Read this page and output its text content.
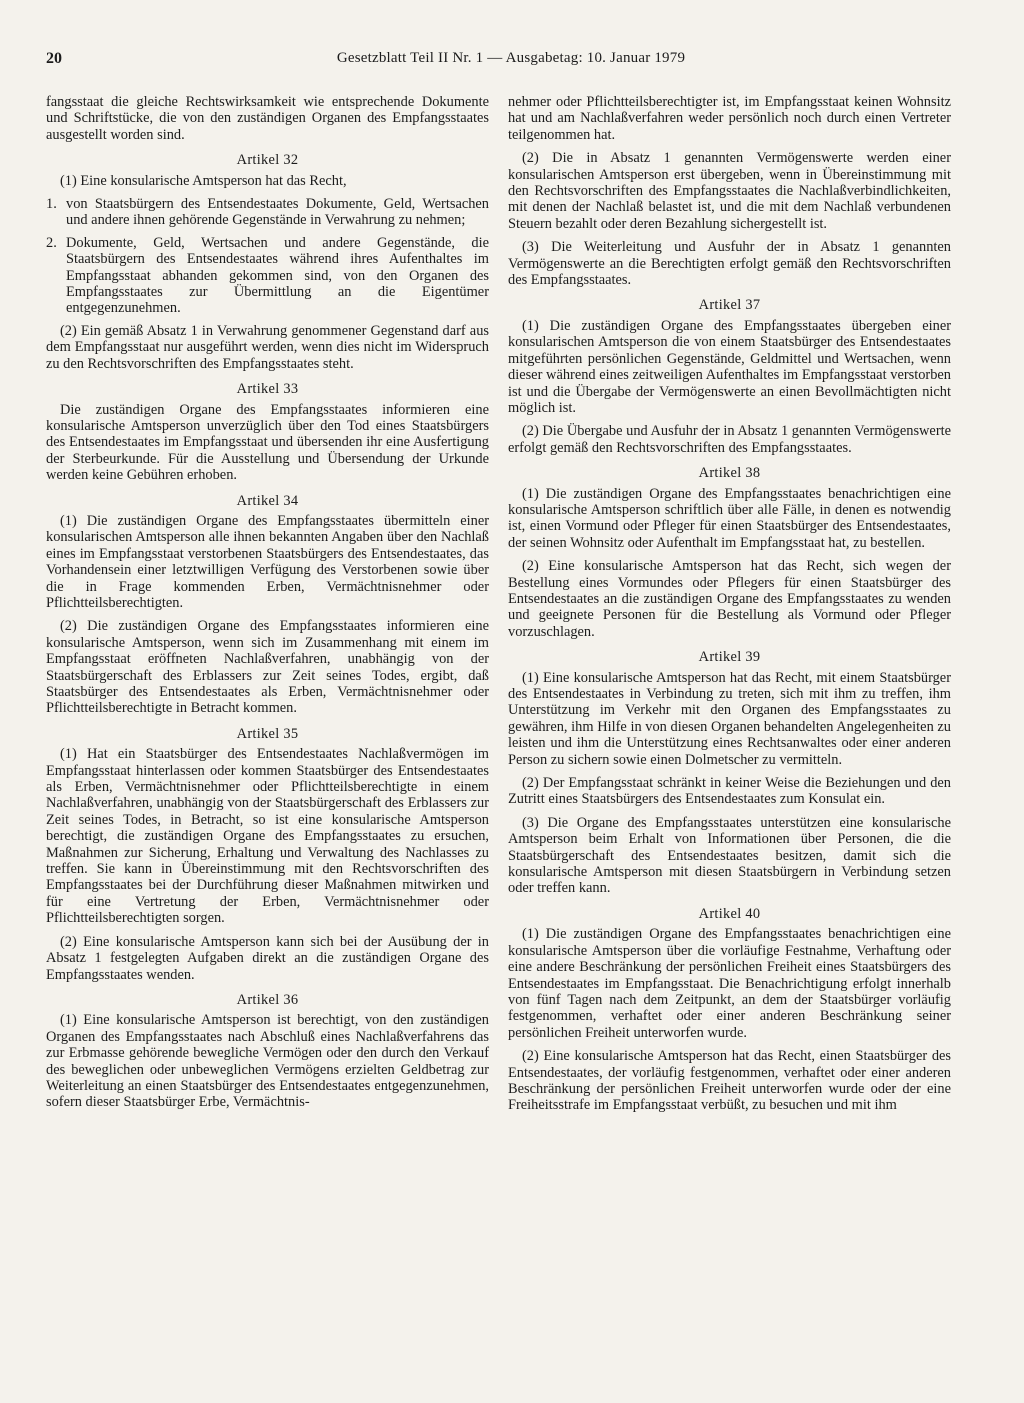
20	Gesetzblatt Teil II Nr. 1 — Ausgabetag: 10. Januar 1979

fangsstaat die gleiche Rechtswirksamkeit wie entsprechende Dokumente und Schriftstücke, die von den zuständigen Organen des Empfangsstaates ausgestellt worden sind.

Artikel 32

(1) Eine konsularische Amtsperson hat das Recht,

1. von Staatsbürgern des Entsendestaates Dokumente, Geld, Wertsachen und andere ihnen gehörende Gegenstände in Verwahrung zu nehmen;
2. Dokumente, Geld, Wertsachen und andere Gegenstände, die Staatsbürgern des Entsendestaates während ihres Aufenthaltes im Empfangsstaat abhanden gekommen sind, von den Organen des Empfangsstaates zur Übermittlung an die Eigentümer entgegenzunehmen.

(2) Ein gemäß Absatz 1 in Verwahrung genommener Gegenstand darf aus dem Empfangsstaat nur ausgeführt werden, wenn dies nicht im Widerspruch zu den Rechtsvorschriften des Empfangsstaates steht.

Artikel 33

Die zuständigen Organe des Empfangsstaates informieren eine konsularische Amtsperson unverzüglich über den Tod eines Staatsbürgers des Entsendestaates im Empfangsstaat und übersenden ihr eine Ausfertigung der Sterbeurkunde. Für die Ausstellung und Übersendung der Urkunde werden keine Gebühren erhoben.

Artikel 34

(1) Die zuständigen Organe des Empfangsstaates übermitteln einer konsularischen Amtsperson alle ihnen bekannten Angaben über den Nachlaß eines im Empfangsstaat verstorbenen Staatsbürgers des Entsendestaates, das Vorhandensein einer letztwilligen Verfügung des Verstorbenen sowie über die in Frage kommenden Erben, Vermächtnisnehmer oder Pflichtteilsberechtigten.

(2) Die zuständigen Organe des Empfangsstaates informieren eine konsularische Amtsperson, wenn sich im Zusammenhang mit einem im Empfangsstaat eröffneten Nachlaßverfahren, unabhängig von der Staatsbürgerschaft des Erblassers zur Zeit seines Todes, ergibt, daß Staatsbürger des Entsendestaates als Erben, Vermächtnisnehmer oder Pflichtteilsberechtigte in Betracht kommen.

Artikel 35

(1) Hat ein Staatsbürger des Entsendestaates Nachlaßvermögen im Empfangsstaat hinterlassen oder kommen Staatsbürger des Entsendestaates als Erben, Vermächtnisnehmer oder Pflichtteilsberechtigte in einem Nachlaßverfahren, unabhängig von der Staatsbürgerschaft des Erblassers zur Zeit seines Todes, in Betracht, so ist eine konsularische Amtsperson berechtigt, die zuständigen Organe des Empfangsstaates zu ersuchen, Maßnahmen zur Sicherung, Erhaltung und Verwaltung des Nachlasses zu treffen. Sie kann in Übereinstimmung mit den Rechtsvorschriften des Empfangsstaates bei der Durchführung dieser Maßnahmen mitwirken und für eine Vertretung der Erben, Vermächtnisnehmer oder Pflichtteilsberechtigten sorgen.

(2) Eine konsularische Amtsperson kann sich bei der Ausübung der in Absatz 1 festgelegten Aufgaben direkt an die zuständigen Organe des Empfangsstaates wenden.

Artikel 36

(1) Eine konsularische Amtsperson ist berechtigt, von den zuständigen Organen des Empfangsstaates nach Abschluß eines Nachlaßverfahrens das zur Erbmasse gehörende bewegliche Vermögen oder den durch den Verkauf des beweglichen oder unbeweglichen Vermögens erzielten Geldbetrag zur Weiterleitung an einen Staatsbürger des Entsendestaates entgegenzunehmen, sofern dieser Staatsbürger Erbe, Vermächtnis-

nehmer oder Pflichtteilsberechtigter ist, im Empfangsstaat keinen Wohnsitz hat und am Nachlaßverfahren weder persönlich noch durch einen Vertreter teilgenommen hat.

(2) Die in Absatz 1 genannten Vermögenswerte werden einer konsularischen Amtsperson erst übergeben, wenn in Übereinstimmung mit den Rechtsvorschriften des Empfangsstaates die Nachlaßverbindlichkeiten, mit denen der Nachlaß belastet ist, und die mit dem Nachlaß verbundenen Steuern bezahlt oder deren Bezahlung sichergestellt ist.

(3) Die Weiterleitung und Ausfuhr der in Absatz 1 genannten Vermögenswerte an die Berechtigten erfolgt gemäß den Rechtsvorschriften des Empfangsstaates.

Artikel 37

(1) Die zuständigen Organe des Empfangsstaates übergeben einer konsularischen Amtsperson die von einem Staatsbürger des Entsendestaates mitgeführten persönlichen Gegenstände, Geldmittel und Wertsachen, wenn dieser während eines zeitweiligen Aufenthaltes im Empfangsstaat verstorben ist und die Übergabe der Vermögenswerte an einen Bevollmächtigten nicht möglich ist.

(2) Die Übergabe und Ausfuhr der in Absatz 1 genannten Vermögenswerte erfolgt gemäß den Rechtsvorschriften des Empfangsstaates.

Artikel 38

(1) Die zuständigen Organe des Empfangsstaates benachrichtigen eine konsularische Amtsperson schriftlich über alle Fälle, in denen es notwendig ist, einen Vormund oder Pfleger für einen Staatsbürger des Entsendestaates, der seinen Wohnsitz oder Aufenthalt im Empfangsstaat hat, zu bestellen.

(2) Eine konsularische Amtsperson hat das Recht, sich wegen der Bestellung eines Vormundes oder Pflegers für einen Staatsbürger des Entsendestaates an die zuständigen Organe des Empfangsstaates zu wenden und geeignete Personen für die Bestellung als Vormund oder Pfleger vorzuschlagen.

Artikel 39

(1) Eine konsularische Amtsperson hat das Recht, mit einem Staatsbürger des Entsendestaates in Verbindung zu treten, sich mit ihm zu treffen, ihm Unterstützung im Verkehr mit den Organen des Empfangsstaates zu gewähren, ihm Hilfe in von diesen Organen behandelten Angelegenheiten zu leisten und ihm die Unterstützung eines Rechtsanwaltes oder einer anderen Person zu sichern sowie einen Dolmetscher zu vermitteln.

(2) Der Empfangsstaat schränkt in keiner Weise die Beziehungen und den Zutritt eines Staatsbürgers des Entsendestaates zum Konsulat ein.

(3) Die Organe des Empfangsstaates unterstützen eine konsularische Amtsperson beim Erhalt von Informationen über Personen, die die Staatsbürgerschaft des Entsendestaates besitzen, damit sich die konsularische Amtsperson mit diesen Staatsbürgern in Verbindung setzen oder treffen kann.

Artikel 40

(1) Die zuständigen Organe des Empfangsstaates benachrichtigen eine konsularische Amtsperson über die vorläufige Festnahme, Verhaftung oder eine andere Beschränkung der persönlichen Freiheit eines Staatsbürgers des Entsendestaates im Empfangsstaat. Die Benachrichtigung erfolgt innerhalb von fünf Tagen nach dem Zeitpunkt, an dem der Staatsbürger vorläufig festgenommen, verhaftet oder einer anderen Beschränkung seiner persönlichen Freiheit unterworfen wurde.

(2) Eine konsularische Amtsperson hat das Recht, einen Staatsbürger des Entsendestaates, der vorläufig festgenommen, verhaftet oder einer anderen Beschränkung der persönlichen Freiheit unterworfen wurde oder der eine Freiheitsstrafe im Empfangsstaat verbüßt, zu besuchen und mit ihm
